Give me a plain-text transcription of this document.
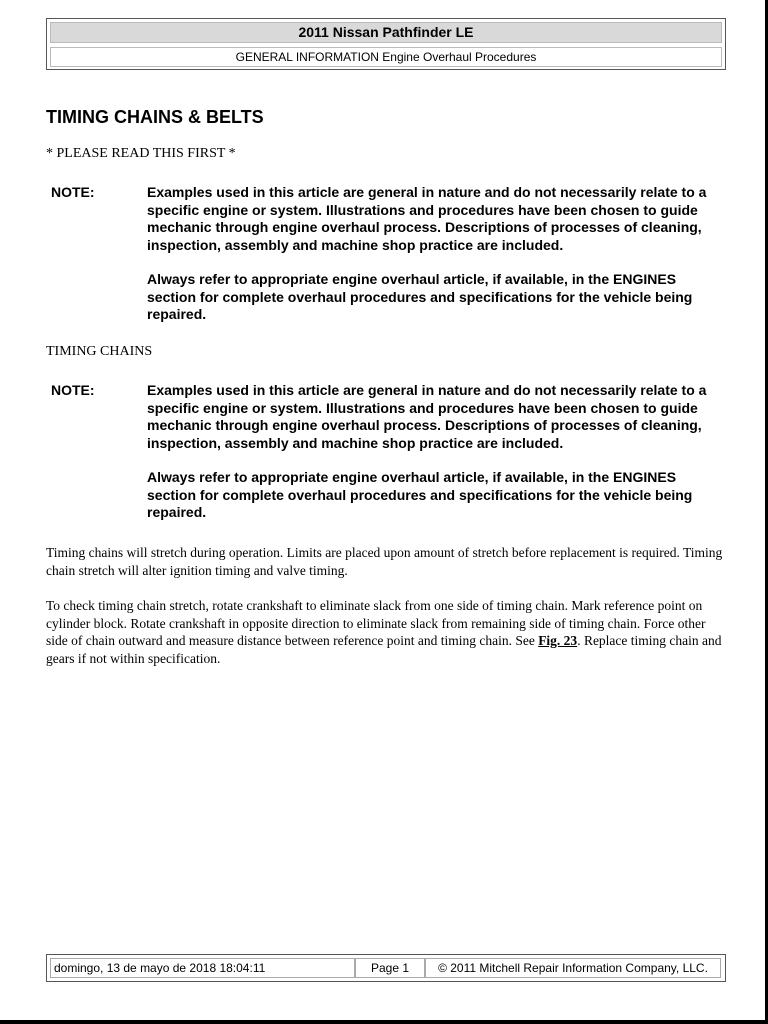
2011 Nissan Pathfinder LE
GENERAL INFORMATION Engine Overhaul Procedures
TIMING CHAINS & BELTS
* PLEASE READ THIS FIRST *
NOTE:	Examples used in this article are general in nature and do not necessarily relate to a specific engine or system. Illustrations and procedures have been chosen to guide mechanic through engine overhaul process. Descriptions of processes of cleaning, inspection, assembly and machine shop practice are included.

Always refer to appropriate engine overhaul article, if available, in the ENGINES section for complete overhaul procedures and specifications for the vehicle being repaired.

TIMING CHAINS
NOTE:	Examples used in this article are general in nature and do not necessarily relate to a specific engine or system. Illustrations and procedures have been chosen to guide mechanic through engine overhaul process. Descriptions of processes of cleaning, inspection, assembly and machine shop practice are included.

Always refer to appropriate engine overhaul article, if available, in the ENGINES section for complete overhaul procedures and specifications for the vehicle being repaired.

Timing chains will stretch during operation. Limits are placed upon amount of stretch before replacement is required. Timing chain stretch will alter ignition timing and valve timing.
To check timing chain stretch, rotate crankshaft to eliminate slack from one side of timing chain. Mark reference point on cylinder block. Rotate crankshaft in opposite direction to eliminate slack from remaining side of timing chain. Force other side of chain outward and measure distance between reference point and timing chain. See Fig. 23. Replace timing chain and gears if not within specification.
domingo, 13 de mayo de 2018 18:04:11	Page 1	© 2011 Mitchell Repair Information Company, LLC.
